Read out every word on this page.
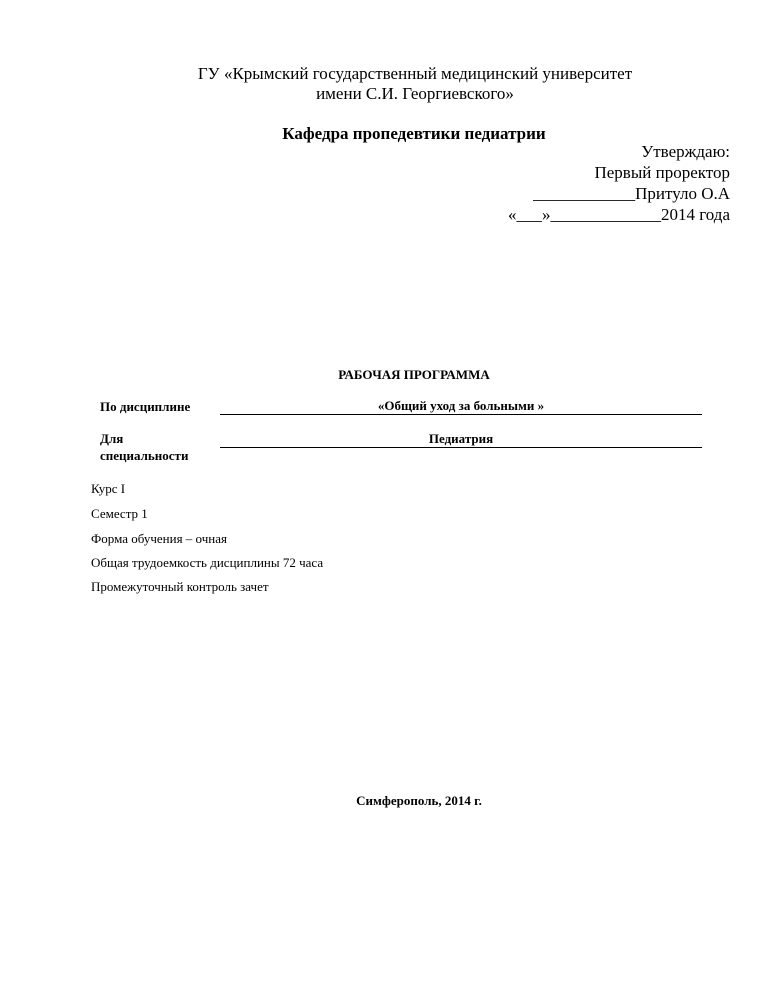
ГУ «Крымский государственный медицинский университет
имени С.И. Георгиевского»
Кафедра пропедевтики педиатрии
Утверждаю:
Первый проректор
____________Притуло О.А
«___»_____________2014 года
РАБОЧАЯ ПРОГРАММА
По дисциплине	«Общий уход за больными »
Для
специальности
Педиатрия
Курс I
Семестр 1
Форма обучения – очная
Общая трудоемкость дисциплины 72 часа
Промежуточный контроль зачет
Симферополь, 2014 г.
